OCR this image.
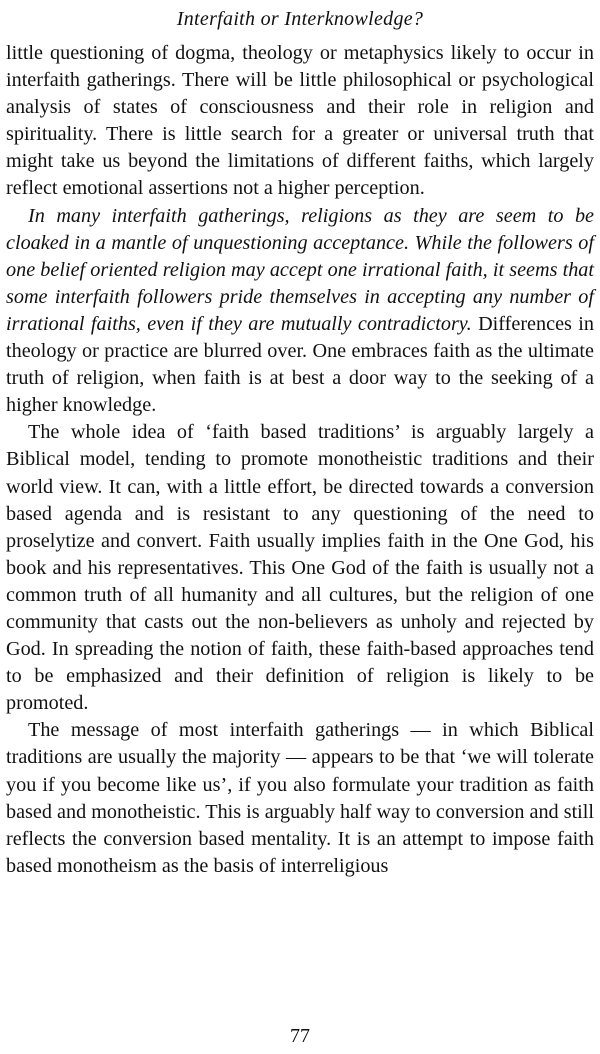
Interfaith or Interknowledge?

little questioning of dogma, theology or metaphysics likely to occur in interfaith gatherings. There will be little philosophical or psychological analysis of states of consciousness and their role in religion and spirituality. There is little search for a greater or universal truth that might take us beyond the limitations of different faiths, which largely reflect emotional assertions not a higher perception.

In many interfaith gatherings, religions as they are seem to be cloaked in a mantle of unquestioning acceptance. While the followers of one belief oriented religion may accept one irrational faith, it seems that some interfaith followers pride themselves in accepting any number of irrational faiths, even if they are mutually contradictory. Differences in theology or practice are blurred over. One embraces faith as the ultimate truth of religion, when faith is at best a door way to the seeking of a higher knowledge.

The whole idea of ‘faith based traditions’ is arguably largely a Biblical model, tending to promote monotheistic traditions and their world view. It can, with a little effort, be directed towards a conversion based agenda and is resistant to any questioning of the need to proselytize and convert. Faith usually implies faith in the One God, his book and his representatives. This One God of the faith is usually not a common truth of all humanity and all cultures, but the religion of one community that casts out the non-believers as unholy and rejected by God. In spreading the notion of faith, these faith-based approaches tend to be emphasized and their definition of religion is likely to be promoted.

The message of most interfaith gatherings — in which Biblical traditions are usually the majority — appears to be that ‘we will tolerate you if you become like us’, if you also formulate your tradition as faith based and monotheistic. This is arguably half way to conversion and still reflects the conversion based mentality. It is an attempt to impose faith based monotheism as the basis of interreligious

77
